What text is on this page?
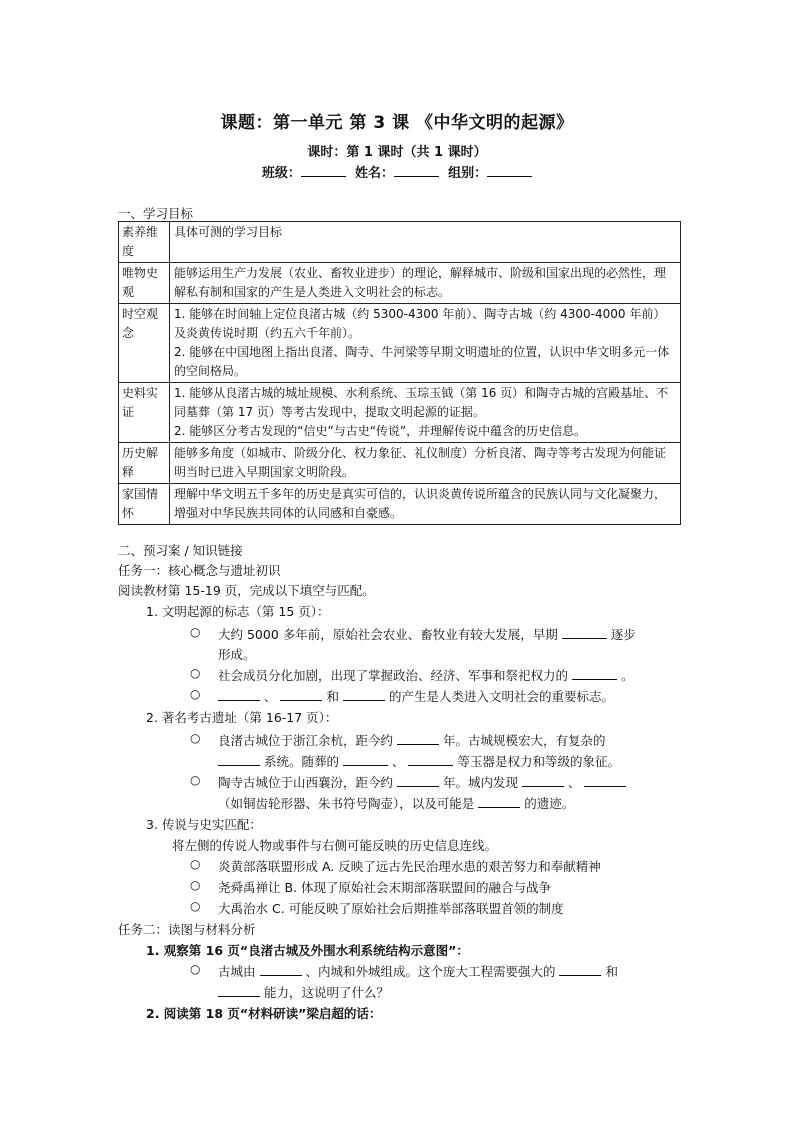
课题：第一单元 第 3 课 《中华文明的起源》
课时：第 1 课时（共 1 课时）
班级：	姓名：	组别：
一、学习目标
素养维度	具体可测的学习目标
唯物史观	能够运用生产力发展（农业、畜牧业进步）的理论，解释城市、阶级和国家出现的必然性，理解私有制和国家的产生是人类进入文明社会的标志。
时空观念	1. 能够在时间轴上定位良渚古城（约 5300-4300 年前）、陶寺古城（约 4300-4000 年前）及炎黄传说时期（约五六千年前）。
2. 能够在中国地图上指出良渚、陶寺、牛河梁等早期文明遗址的位置，认识中华文明多元一体的空间格局。

史料实证	1. 能够从良渚古城的城址规模、水利系统、玉琮玉钺（第 16 页）和陶寺古城的宫殿基址、不同墓葬（第 17 页）等考古发现中，提取文明起源的证据。
2. 能够区分考古发现的“信史”与古史“传说”，并理解传说中蕴含的历史信息。

历史解释	能够多角度（如城市、阶级分化、权力象征、礼仪制度）分析良渚、陶寺等考古发现为何能证明当时已进入早期国家文明阶段。
家国情怀	理解中华文明五千多年的历史是真实可信的，认识炎黄传说所蕴含的民族认同与文化凝聚力，增强对中华民族共同体的认同感和自豪感。
二、预习案 / 知识链接
任务一：核心概念与遗址初识
阅读教材第 15-19 页，完成以下填空与匹配。
1. 文明起源的标志（第 15 页）：
○ 大约 5000 多年前，原始社会农业、畜牧业有较大发展，早期	逐步
形成。
○ 社会成员分化加剧，出现了掌握政治、经济、军事和祭祀权力的	。
○	、	和	的产生是人类进入文明社会的重要标志。
2. 著名考古遗址（第 16-17 页）：
○ 良渚古城位于浙江余杭，距今约	年。古城规模宏大，有复杂的
系统。随葬的	、	等玉器是权力和等级的象征。
○ 陶寺古城位于山西襄汾，距今约	年。城内发现	、
（如铜齿轮形器、朱书符号陶壶），以及可能是	的遗迹。
3. 传说与史实匹配：
将左侧的传说人物或事件与右侧可能反映的历史信息连线。
○ 炎黄部落联盟形成 A. 反映了远古先民治理水患的艰苦努力和奉献精神
○ 尧舜禹禅让 B. 体现了原始社会末期部落联盟间的融合与战争
○ 大禹治水 C. 可能反映了原始社会后期推举部落联盟首领的制度
任务二：读图与材料分析
1. 观察第 16 页“良渚古城及外围水利系统结构示意图”：
○ 古城由	、内城和外城组成。这个庞大工程需要强大的	和
能力，这说明了什么？
2. 阅读第 18 页“材料研读”梁启超的话：
